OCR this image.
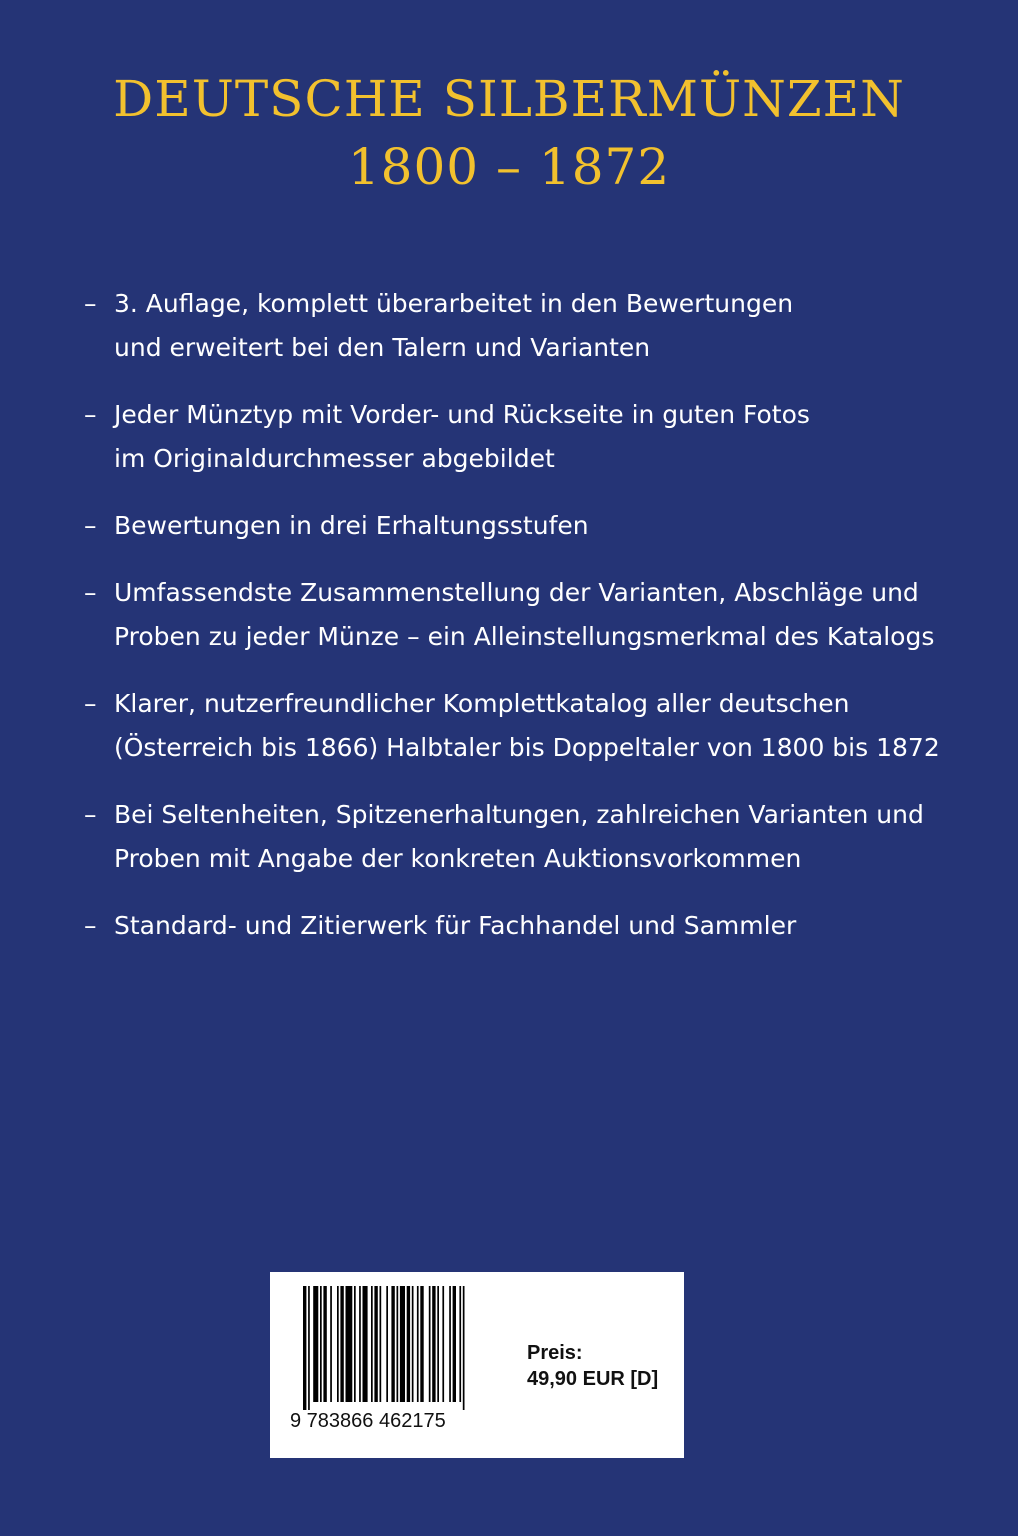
DEUTSCHE SILBERMÜNZEN
1800 – 1872
– 3. Auflage, komplett überarbeitet in den Bewertungen
und erweitert bei den Talern und Varianten
– Jeder Münztyp mit Vorder- und Rückseite in guten Fotos
im Originaldurchmesser abgebildet
– Bewertungen in drei Erhaltungsstufen
– Umfassendste Zusammenstellung der Varianten, Abschläge und
Proben zu jeder Münze – ein Alleinstellungsmerkmal des Katalogs
– Klarer, nutzerfreundlicher Komplettkatalog aller deutschen
(Österreich bis 1866) Halbtaler bis Doppeltaler von 1800 bis 1872
– Bei Seltenheiten, Spitzenerhaltungen, zahlreichen Varianten und
Proben mit Angabe der konkreten Auktionsvorkommen
– Standard- und Zitierwerk für Fachhandel und Sammler
9 783866 462175
Preis:
49,90 EUR [D]
